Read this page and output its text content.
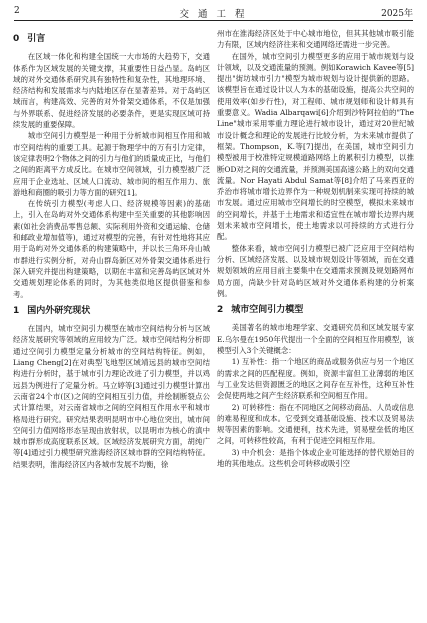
2	交 通 工 程	2025年
0 引言

在区域一体化和构建全国统一大市场的大趋势下，交通体系作为区域发展的关键支撑，其重要性日益凸显。岛屿区域的对外交通体系研究具有独特性和复杂性，其地理环境、经济结构和发展需求与内陆地区存在显著差异。对于岛屿区域而言，构建高效、完善的对外骨架交通体系，不仅是加强与外界联系、促进经济发展的必要条件，更是实现区域可持续发展的重要保障。

城市空间引力模型是一种用于分析城市间相互作用和城市空间结构的重要工具。起源于物理学中的万有引力定律，该定律表明2个物体之间的引力与他们的质量成正比，与他们之间的距离平方成反比。在城市空间领域，引力模型被广泛应用于企业选址、区域人口流动、城市间的相互作用力、旅游地和商圈的吸引力等方面的研究[1]。

在传统引力模型(考虑人口、经济规模等因素)的基础上，引入在岛屿对外交通体系构建中至关重要的其他影响因素(如社会消费品零售总额、实际利用外资和交通运输、仓储和邮政业增加值等)，通过对模型的完善，有针对性地将其应用于岛屿对外交通体系的构建策略中，并以长三角环舟山城市群进行实例分析，对舟山群岛新区对外骨架交通体系进行深入研究并提出构建策略，以期在丰富和完善岛屿区域对外交通规划理论体系的同时，为其他类似地区提供借鉴和参考。

1 国内外研究现状

在国内，城市空间引力模型在城市空间结构分析与区域经济发展研究等领域的应用较为广泛。城市空间结构分析即通过空间引力模型定量分析城市的空间结构特征。例如，Liang Cheng[2]在对典型飞地型区域靖远县的城市空间结构进行分析时，基于城市引力理论改进了引力模型，并以鸡远县为例进行了定量分析。马立婷等[3]通过引力模型计算出云南省24个市(区)之间的空间相互引力值，并绘制断裂点公式计算结果，对云南省城市之间的空间相互作用水平和城市格局进行研究。研究结果表明昆明市中心地位突出，城市间空间引力值网络形态呈现由放射状，以昆明市为核心的滇中城市群形成高度联系区域。区域经济发展研究方面，胡纯广等[4]通过引力模型研究淮海经济区城市群的空间结构特征。结果表明，淮海经济区内各城市发展不均衡，徐

州市在淮海经济区处于中心城市地位，但其其他城市吸引能力有限，区域内经济往来和交通网络还需进一步完善。

在国外，城市空间引力模型更多的应用于城市规划与设计领域，以及交通流量的预测。例如Korawich Kavee等[5]提出"街坊城市引力"模型为城市规划与设计提供新的思路。该模型旨在通过设计以人为本的基础设施，提高公共空间的使用效率(如步行性)，对工程师、城市规划师和设计师具有重要意义。Wadia Albarqawi[6]介绍到沙特阿拉伯的"The Line"城市采用零重力理论进行城市设计，通过对20世纪城市设计概念和理论的发展进行比较分析，为未来城市提供了框架。Thompson，K.等[7]提出，在美国，城市空间引力模型被用于校准特定规模道路网络上的累积引力模型，以推断OD对之间的交通流量，并预测美国高速公路上的双向交通流量。Nor Hayati Abdul Samat等[8]介绍了马来西亚的乔治市将城市增长边界作为一种规划机制来实现可持续的城市发展。通过应用城市空间增长的时空模型，模拟未来城市的空间增长，并基于土地需求和适宜性在城市增长边界内规划未来城市空间增长，使土地需求以可持续的方式进行分配。

整体来看，城市空间引力模型已被广泛应用于空间结构分析、区域经济发展、以及城市规划设计等领域，而在交通规划领域的应用目前主要集中在交通需求预测及规划路网布局方面，尚缺少针对岛屿区域对外交通体系构建的分析案例。

2 城市空间引力模型

美国著名的城市地理学家、交通研究员和区域发展专家E.乌尔曼在1950年代提出一个全面的空间相互作用模型，该模型引入3个关键概念：

1) 互补性：指一个地区的商品或服务供应与另一个地区的需求之间的匹配程度。例如，资源丰富但工业薄弱的地区与工业发达但资源匮乏的地区之间存在互补性，这种互补性会促使两地之间产生经济联系和空间相互作用。

2) 可转移性：指在不同地区之间移动商品、人员或信息的难易程度和成本。它受到交通基础设施、技术以及贸易法规等因素的影响。交通便利，技术先进，贸易壁垒低的地区之间，可转移性较高，有利于促进空间相互作用。

3) 中介机会：是指个体或企业可能选择的替代原始目的地的其他地点。这些机会可转移或吸引空
